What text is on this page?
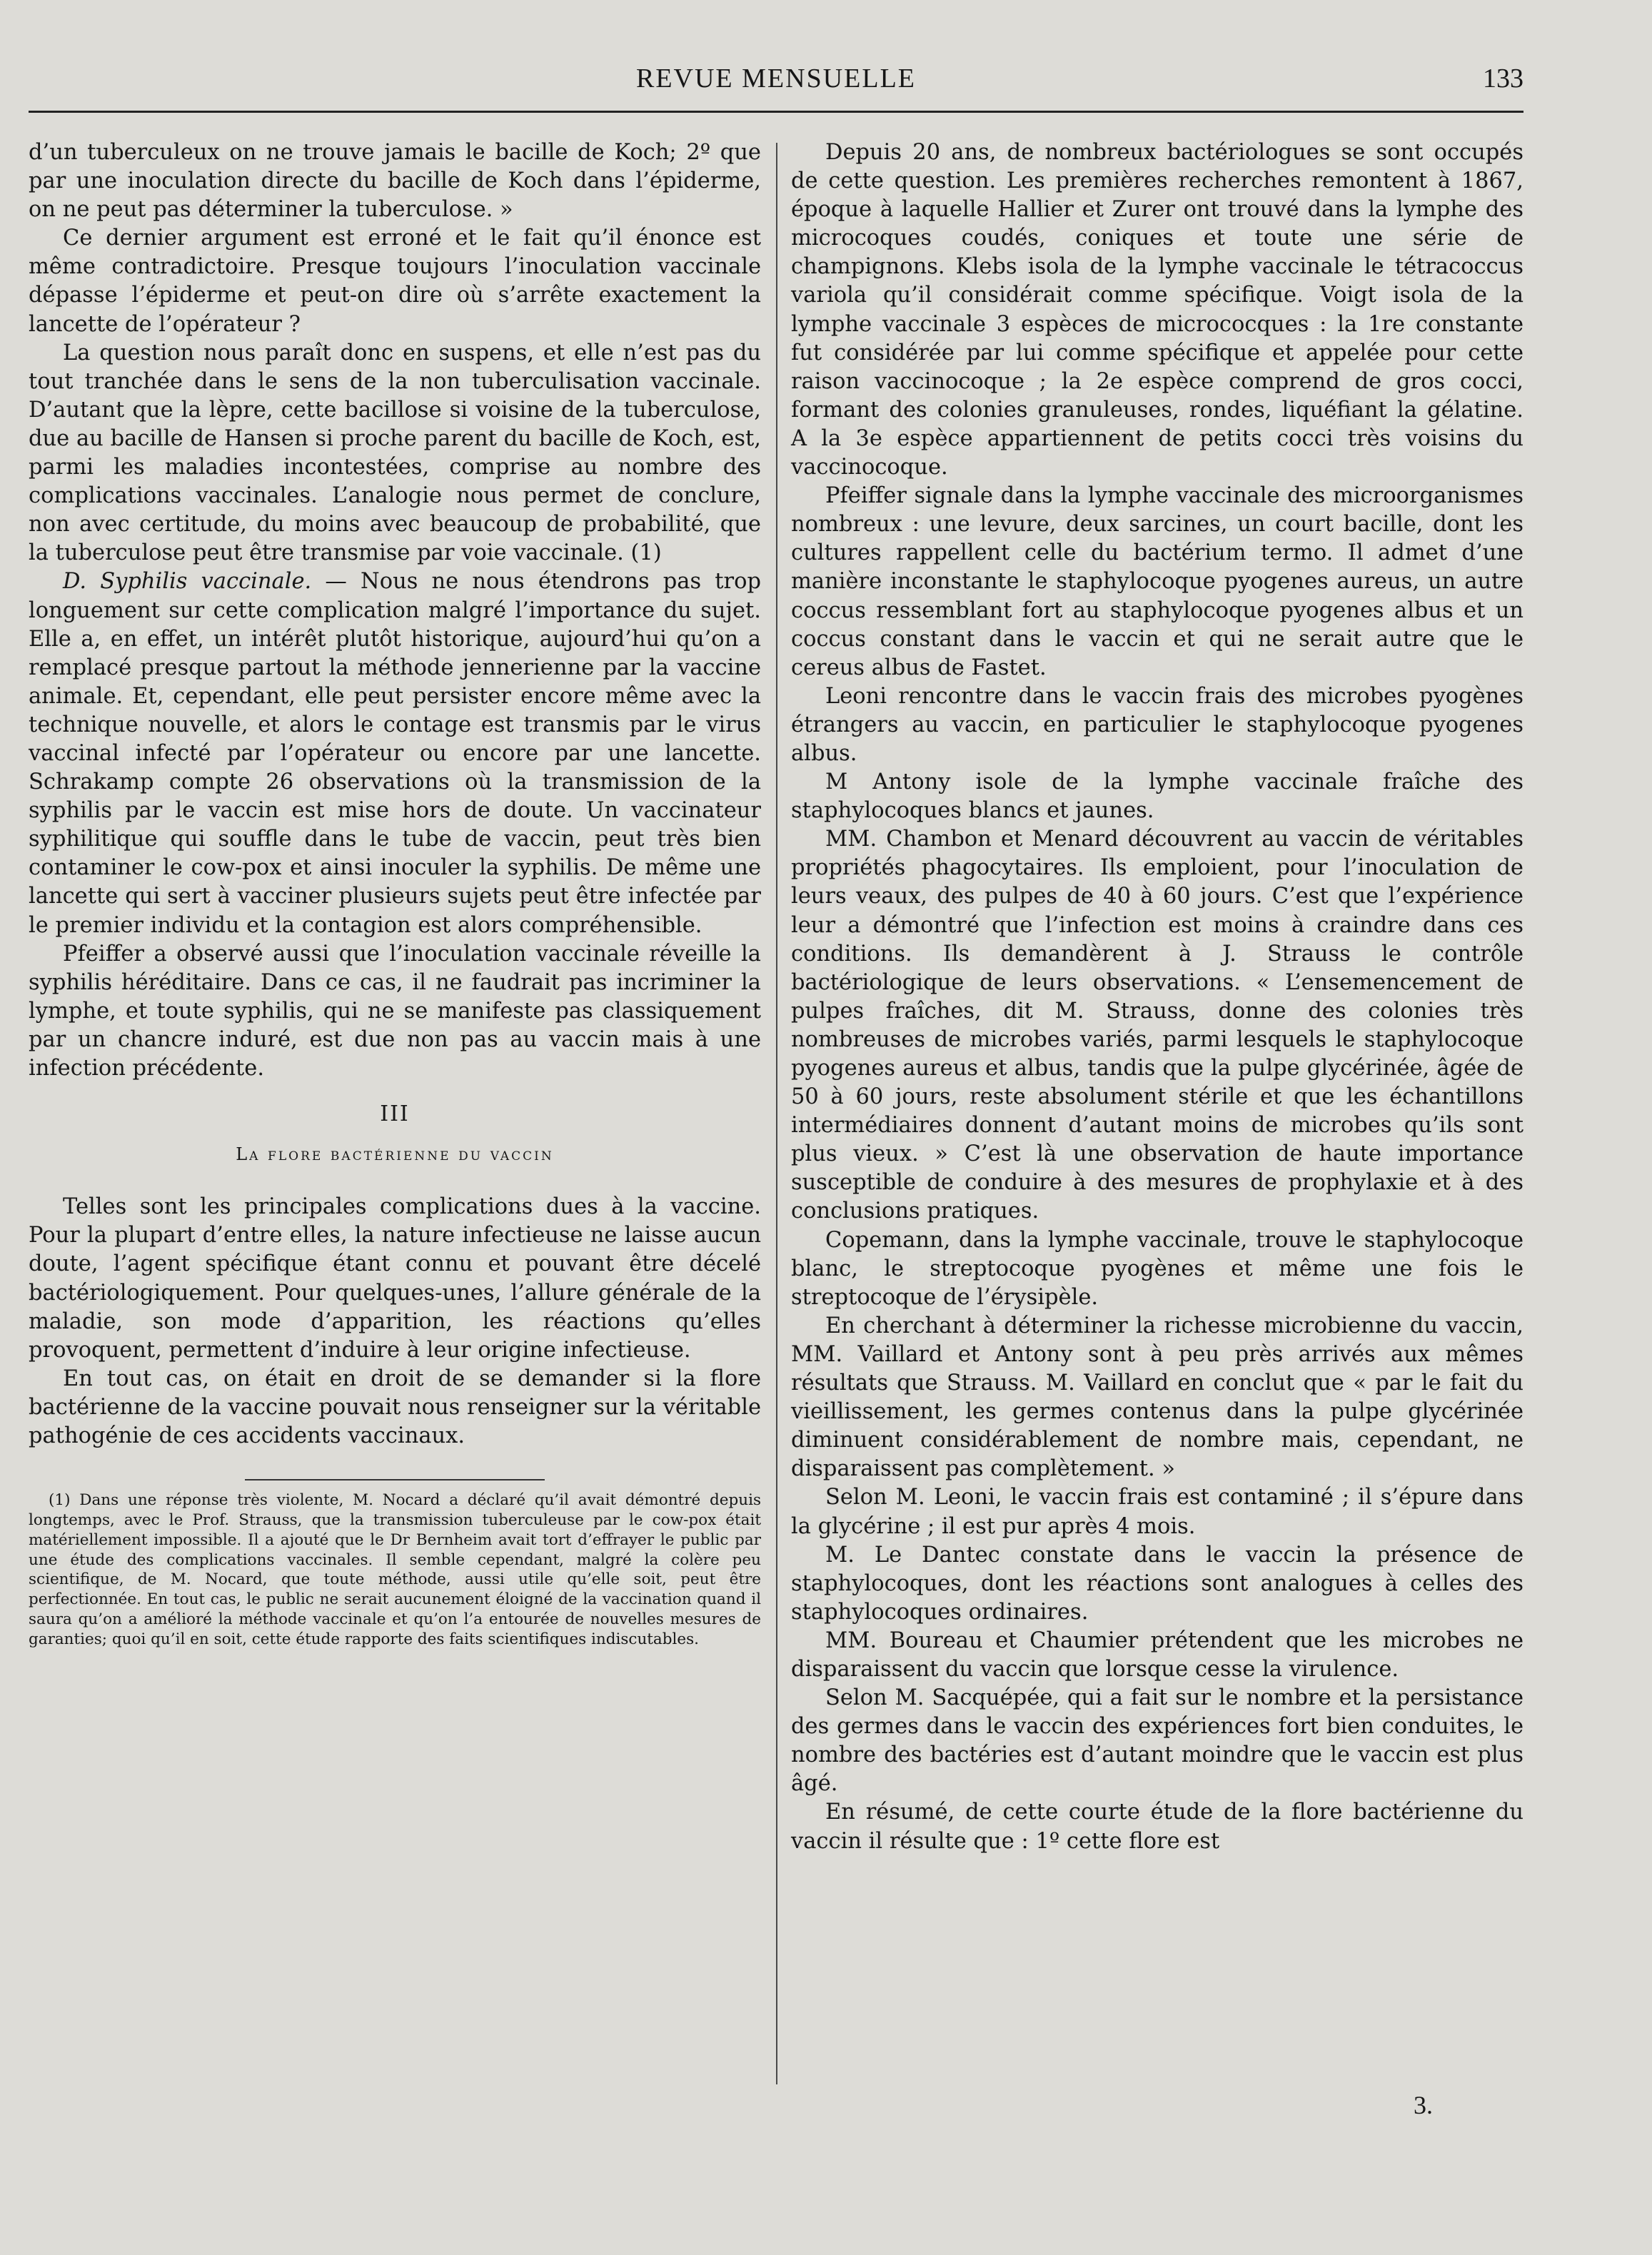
REVUE MENSUELLE	133

d’un tuberculeux on ne trouve jamais le bacille de Koch; 2º que par une inoculation directe du bacille de Koch dans l’épiderme, on ne peut pas déterminer la tuberculose. »

Ce dernier argument est erroné et le fait qu’il énonce est même contradictoire. Presque toujours l’inoculation vaccinale dépasse l’épiderme et peut-on dire où s’arrête exactement la lancette de l’opérateur ?

La question nous paraît donc en suspens, et elle n’est pas du tout tranchée dans le sens de la non tuberculisation vaccinale. D’autant que la lèpre, cette bacillose si voisine de la tuberculose, due au bacille de Hansen si proche parent du bacille de Koch, est, parmi les maladies incontestées, comprise au nombre des complications vaccinales. L’analogie nous permet de conclure, non avec certitude, du moins avec beaucoup de probabilité, que la tuberculose peut être transmise par voie vaccinale. (1)

D. Syphilis vaccinale. — Nous ne nous étendrons pas trop longuement sur cette complication malgré l’importance du sujet. Elle a, en effet, un intérêt plutôt historique, aujourd’hui qu’on a remplacé presque partout la méthode jennerienne par la vaccine animale. Et, cependant, elle peut persister encore même avec la technique nouvelle, et alors le contage est transmis par le virus vaccinal infecté par l’opérateur ou encore par une lancette. Schrakamp compte 26 observations où la transmission de la syphilis par le vaccin est mise hors de doute. Un vaccinateur syphilitique qui souffle dans le tube de vaccin, peut très bien contaminer le cow-pox et ainsi inoculer la syphilis. De même une lancette qui sert à vacciner plusieurs sujets peut être infectée par le premier individu et la contagion est alors compréhensible.

Pfeiffer a observé aussi que l’inoculation vaccinale réveille la syphilis héréditaire. Dans ce cas, il ne faudrait pas incriminer la lymphe, et toute syphilis, qui ne se manifeste pas classiquement par un chancre induré, est due non pas au vaccin mais à une infection précédente.

III
La flore bactérienne du vaccin

Telles sont les principales complications dues à la vaccine. Pour la plupart d’entre elles, la nature infectieuse ne laisse aucun doute, l’agent spécifique étant connu et pouvant être décelé bactériologiquement. Pour quelques-unes, l’allure générale de la maladie, son mode d’apparition, les réactions qu’elles provoquent, permettent d’induire à leur origine infectieuse.

En tout cas, on était en droit de se demander si la flore bactérienne de la vaccine pouvait nous renseigner sur la véritable pathogénie de ces accidents vaccinaux.

(1) Dans une réponse très violente, M. Nocard a déclaré qu’il avait démontré depuis longtemps, avec le Prof. Strauss, que la transmission tuberculeuse par le cow-pox était matériellement impossible. Il a ajouté que le Dr Bernheim avait tort d’effrayer le public par une étude des complications vaccinales. Il semble cependant, malgré la colère peu scientifique, de M. Nocard, que toute méthode, aussi utile qu’elle soit, peut être perfectionnée. En tout cas, le public ne serait aucunement éloigné de la vaccination quand il saura qu’on a amélioré la méthode vaccinale et qu’on l’a entourée de nouvelles mesures de garanties; quoi qu’il en soit, cette étude rapporte des faits scientifiques indiscutables.

Depuis 20 ans, de nombreux bactériologues se sont occupés de cette question. Les premières recherches remontent à 1867, époque à laquelle Hallier et Zurer ont trouvé dans la lymphe des microcoques coudés, coniques et toute une série de champignons. Klebs isola de la lymphe vaccinale le tétracoccus variola qu’il considérait comme spécifique. Voigt isola de la lymphe vaccinale 3 espèces de micrococques : la 1re constante fut considérée par lui comme spécifique et appelée pour cette raison vaccinocoque ; la 2e espèce comprend de gros cocci, formant des colonies granuleuses, rondes, liquéfiant la gélatine. A la 3e espèce appartiennent de petits cocci très voisins du vaccinocoque.

Pfeiffer signale dans la lymphe vaccinale des microorganismes nombreux : une levure, deux sarcines, un court bacille, dont les cultures rappellent celle du bactérium termo. Il admet d’une manière inconstante le staphylocoque pyogenes aureus, un autre coccus ressemblant fort au staphylocoque pyogenes albus et un coccus constant dans le vaccin et qui ne serait autre que le cereus albus de Fastet.

Leoni rencontre dans le vaccin frais des microbes pyogènes étrangers au vaccin, en particulier le staphylocoque pyogenes albus.

M Antony isole de la lymphe vaccinale fraîche des staphylocoques blancs et jaunes.

MM. Chambon et Menard découvrent au vaccin de véritables propriétés phagocytaires. Ils emploient, pour l’inoculation de leurs veaux, des pulpes de 40 à 60 jours. C’est que l’expérience leur a démontré que l’infection est moins à craindre dans ces conditions. Ils demandèrent à J. Strauss le contrôle bactériologique de leurs observations. « L’ensemencement de pulpes fraîches, dit M. Strauss, donne des colonies très nombreuses de microbes variés, parmi lesquels le staphylocoque pyogenes aureus et albus, tandis que la pulpe glycérinée, âgée de 50 à 60 jours, reste absolument stérile et que les échantillons intermédiaires donnent d’autant moins de microbes qu’ils sont plus vieux. » C’est là une observation de haute importance susceptible de conduire à des mesures de prophylaxie et à des conclusions pratiques.

Copemann, dans la lymphe vaccinale, trouve le staphylocoque blanc, le streptocoque pyogènes et même une fois le streptocoque de l’érysipèle.

En cherchant à déterminer la richesse microbienne du vaccin, MM. Vaillard et Antony sont à peu près arrivés aux mêmes résultats que Strauss. M. Vaillard en conclut que « par le fait du vieillissement, les germes contenus dans la pulpe glycérinée diminuent considérablement de nombre mais, cependant, ne disparaissent pas complètement. »

Selon M. Leoni, le vaccin frais est contaminé ; il s’épure dans la glycérine ; il est pur après 4 mois.

M. Le Dantec constate dans le vaccin la présence de staphylocoques, dont les réactions sont analogues à celles des staphylocoques ordinaires.

MM. Boureau et Chaumier prétendent que les microbes ne disparaissent du vaccin que lorsque cesse la virulence.

Selon M. Sacquépée, qui a fait sur le nombre et la persistance des germes dans le vaccin des expériences fort bien conduites, le nombre des bactéries est d’autant moindre que le vaccin est plus âgé.

En résumé, de cette courte étude de la flore bactérienne du vaccin il résulte que : 1º cette flore est

3.
